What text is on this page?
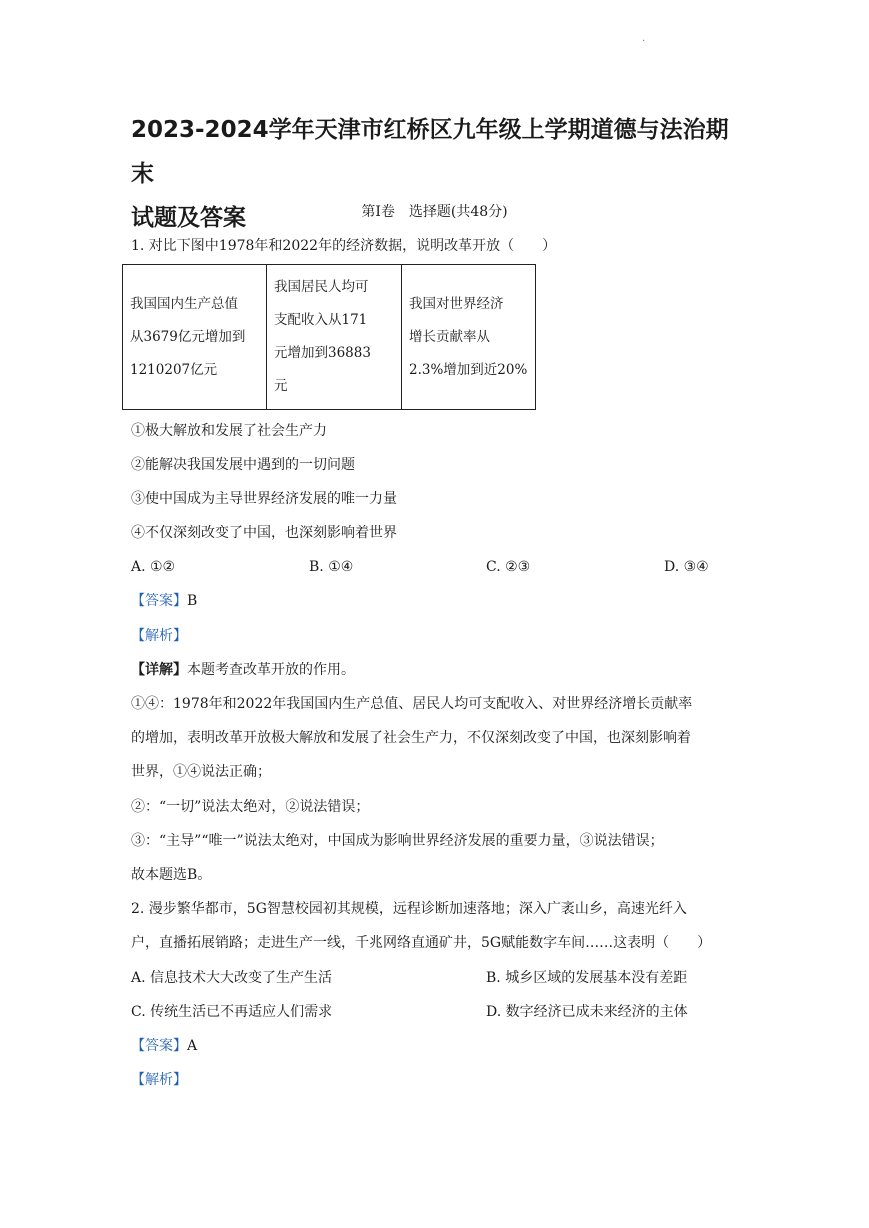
·
2023-2024学年天津市红桥区九年级上学期道德与法治期末
试题及答案	第Ⅰ卷　选择题(共48分)
1. 对比下图中1978年和2022年的经济数据，说明改革开放（　　）
我国国内生产总值
从3679亿元增加到
1210207亿元	我国居民人均可
支配收入从171
元增加到36883
元	我国对世界经济
增长贡献率从
2.3%增加到近20%
①极大解放和发展了社会生产力
②能解决我国发展中遇到的一切问题
③使中国成为主导世界经济发展的唯一力量
④不仅深刻改变了中国，也深刻影响着世界
A. ①②	B. ①④	C. ②③	D. ③④
【答案】B
【解析】
【详解】本题考查改革开放的作用。
①④：1978年和2022年我国国内生产总值、居民人均可支配收入、对世界经济增长贡献率
的增加，表明改革开放极大解放和发展了社会生产力，不仅深刻改变了中国，也深刻影响着
世界，①④说法正确；
②：“一切”说法太绝对，②说法错误；
③：“主导”“唯一”说法太绝对，中国成为影响世界经济发展的重要力量，③说法错误；
故本题选B。
2. 漫步繁华都市，5G智慧校园初其规模，远程诊断加速落地；深入广袤山乡，高速光纤入
户，直播拓展销路；走进生产一线，千兆网络直通矿井，5G赋能数字车间……这表明（　　）
A. 信息技术大大改变了生产生活	B. 城乡区域的发展基本没有差距
C. 传统生活已不再适应人们需求	D. 数字经济已成未来经济的主体
【答案】A
【解析】
